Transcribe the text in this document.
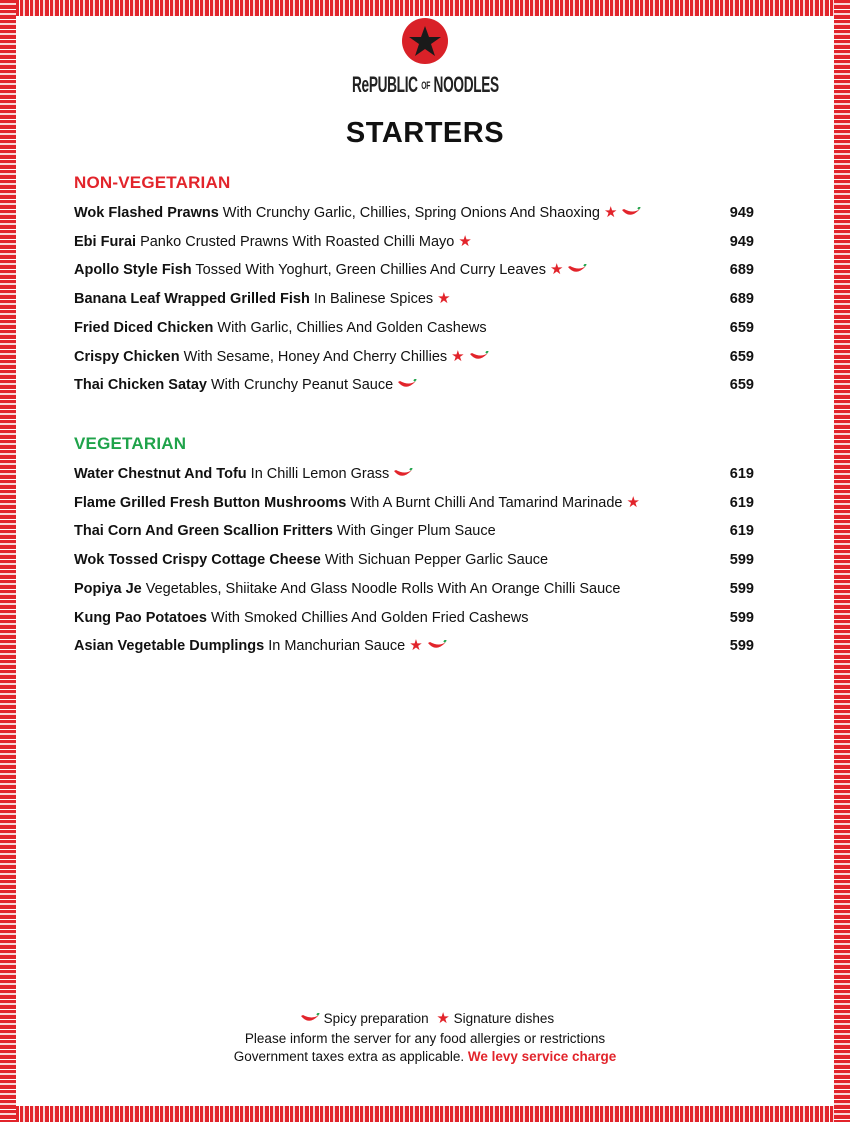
RePUBLIC OF NOODLES
STARTERS
NON-VEGETARIAN
Wok Flashed Prawns With Crunchy Garlic, Chillies, Spring Onions And Shaoxing ★	949
Ebi Furai Panko Crusted Prawns With Roasted Chilli Mayo ★	949
Apollo Style Fish Tossed With Yoghurt, Green Chillies And Curry Leaves ★	689
Banana Leaf Wrapped Grilled Fish In Balinese Spices ★	689
Fried Diced Chicken With Garlic, Chillies And Golden Cashews	659
Crispy Chicken With Sesame, Honey And Cherry Chillies ★	659
Thai Chicken Satay With Crunchy Peanut Sauce	659
VEGETARIAN
Water Chestnut And Tofu In Chilli Lemon Grass	619
Flame Grilled Fresh Button Mushrooms With A Burnt Chilli And Tamarind Marinade ★	619
Thai Corn And Green Scallion Fritters With Ginger Plum Sauce	619
Wok Tossed Crispy Cottage Cheese With Sichuan Pepper Garlic Sauce	599
Popiya Je Vegetables, Shiitake And Glass Noodle Rolls With An Orange Chilli Sauce	599
Kung Pao Potatoes With Smoked Chillies And Golden Fried Cashews	599
Asian Vegetable Dumplings In Manchurian Sauce ★	599
Spicy preparation ★ Signature dishes
Please inform the server for any food allergies or restrictions
Government taxes extra as applicable. We levy service charge
